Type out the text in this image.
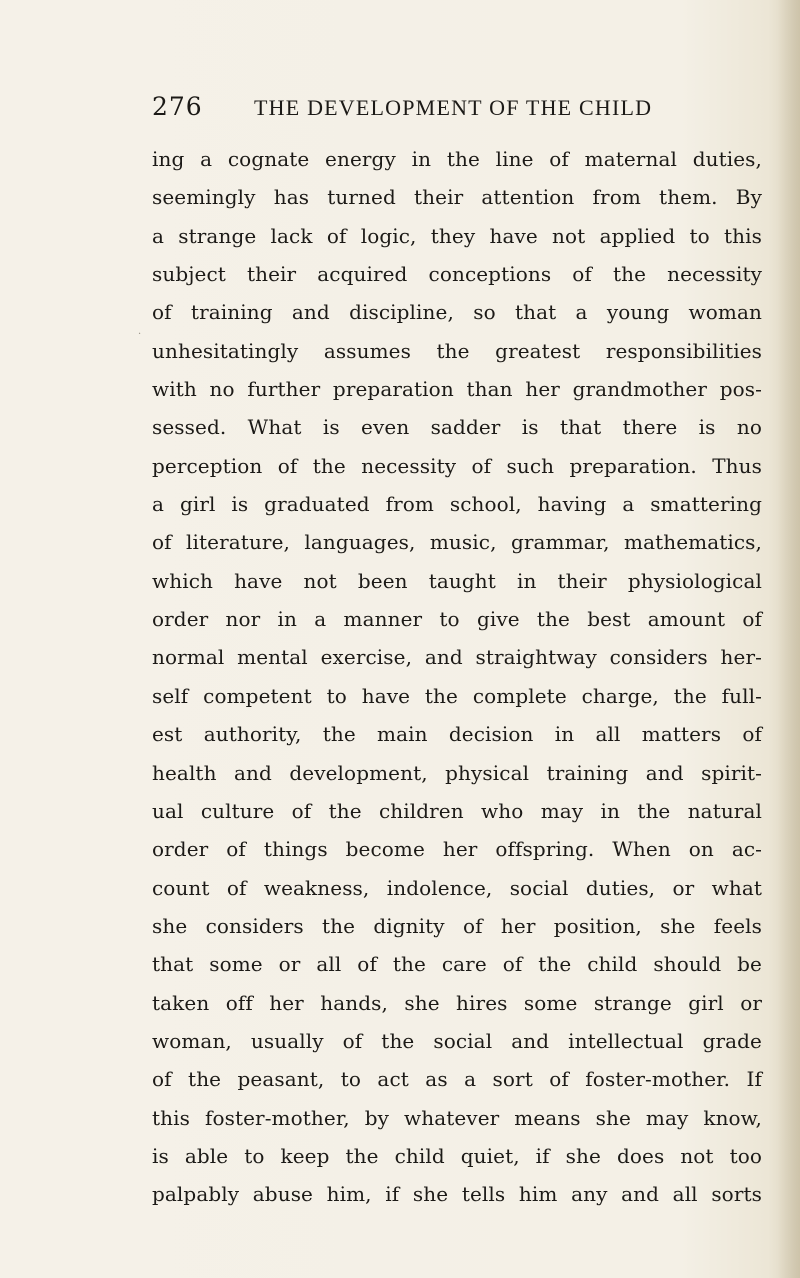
276 THE DEVELOPMENT OF THE CHILD
·
ing a cognate energy in the line of maternal duties,
seemingly has turned their attention from them. By
a strange lack of logic, they have not applied to this
subject their acquired conceptions of the necessity
of training and discipline, so that a young woman
unhesitatingly assumes the greatest responsibilities
with no further preparation than her grandmother pos-
sessed. What is even sadder is that there is no
perception of the necessity of such preparation. Thus
a girl is graduated from school, having a smattering
of literature, languages, music, grammar, mathematics,
which have not been taught in their physiological
order nor in a manner to give the best amount of
normal mental exercise, and straightway considers her-
self competent to have the complete charge, the full-
est authority, the main decision in all matters of
health and development, physical training and spirit-
ual culture of the children who may in the natural
order of things become her offspring. When on ac-
count of weakness, indolence, social duties, or what
she considers the dignity of her position, she feels
that some or all of the care of the child should be
taken off her hands, she hires some strange girl or
woman, usually of the social and intellectual grade
of the peasant, to act as a sort of foster-mother. If
this foster-mother, by whatever means she may know,
is able to keep the child quiet, if she does not too
palpably abuse him, if she tells him any and all sorts
